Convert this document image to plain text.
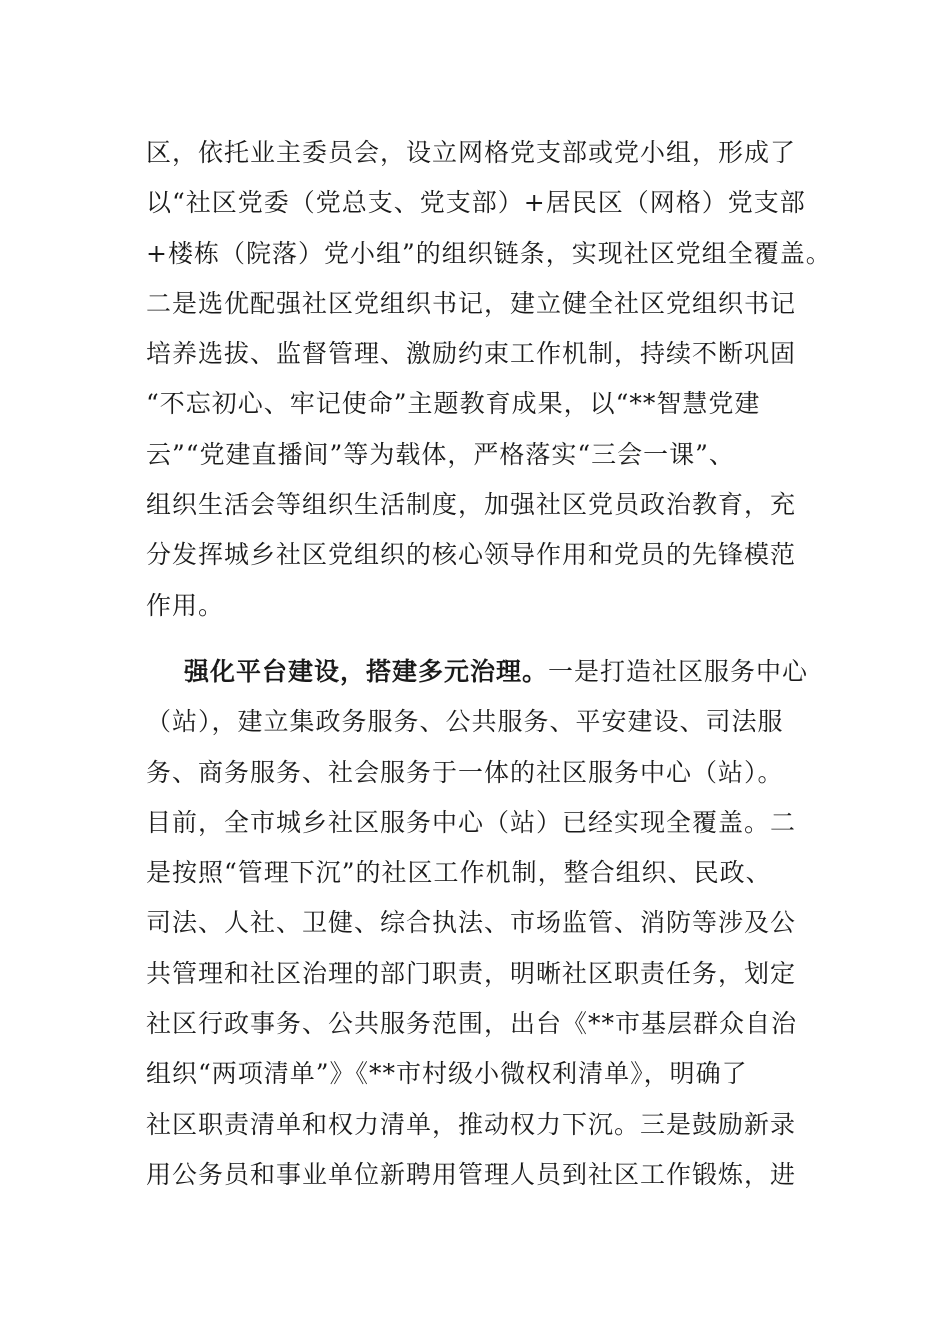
区，依托业主委员会，设立网格党支部或党小组，形成了
以“社区党委（党总支、党支部）+居民区（网格）党支部
+楼栋（院落）党小组”的组织链条，实现社区党组全覆盖。
二是选优配强社区党组织书记，建立健全社区党组织书记
培养选拔、监督管理、激励约束工作机制，持续不断巩固
“不忘初心、牢记使命”主题教育成果，以“**智慧党建
云”“党建直播间”等为载体，严格落实“三会一课”、
组织生活会等组织生活制度，加强社区党员政治教育，充
分发挥城乡社区党组织的核心领导作用和党员的先锋模范
作用。
强化平台建设，搭建多元治理。一是打造社区服务中心
（站），建立集政务服务、公共服务、平安建设、司法服
务、商务服务、社会服务于一体的社区服务中心（站）。
目前，全市城乡社区服务中心（站）已经实现全覆盖。二
是按照“管理下沉”的社区工作机制，整合组织、民政、
司法、人社、卫健、综合执法、市场监管、消防等涉及公
共管理和社区治理的部门职责，明晰社区职责任务，划定
社区行政事务、公共服务范围，出台《**市基层群众自治
组织“两项清单”》《**市村级小微权利清单》，明确了
社区职责清单和权力清单，推动权力下沉。三是鼓励新录
用公务员和事业单位新聘用管理人员到社区工作锻炼，进
